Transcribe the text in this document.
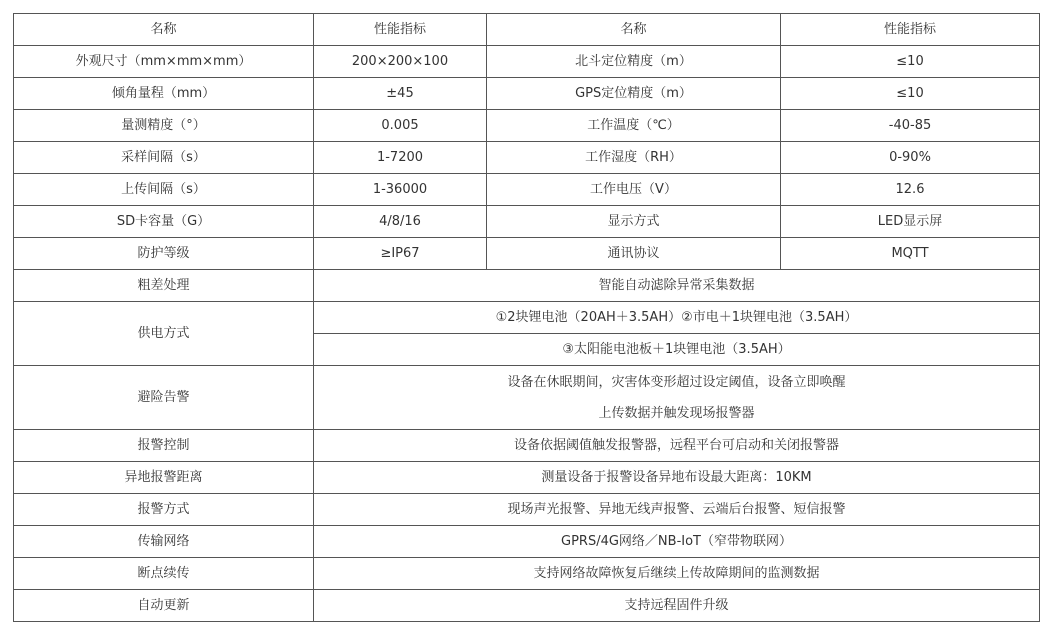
名称	性能指标	名称	性能指标
外观尺寸（mm×mm×mm）	200×200×100	北斗定位精度（m）	≤10
倾角量程（mm）	±45	GPS定位精度（m）	≤10
量测精度（°）	0.005	工作温度（℃）	-40-85
采样间隔（s）	1-7200	工作湿度（RH）	0-90%
上传间隔（s）	1-36000	工作电压（V）	12.6
SD卡容量（G）	4/8/16	显示方式	LED显示屏
防护等级	≥IP67	通讯协议	MQTT
粗差处理	智能自动滤除异常采集数据		
供电方式	①2块锂电池（20AH＋3.5AH）②市电＋1块锂电池（3.5AH）		
	③太阳能电池板＋1块锂电池（3.5AH）		
避险告警	设备在休眠期间，灾害体变形超过设定阈值，设备立即唤醒
上传数据并触发现场报警器		

报警控制	设备依据阈值触发报警器，远程平台可启动和关闭报警器		
异地报警距离	测量设备于报警设备异地布设最大距离：10KM		
报警方式	现场声光报警、异地无线声报警、云端后台报警、短信报警		
传输网络	GPRS/4G网络／NB-IoT（窄带物联网）		
断点续传	支持网络故障恢复后继续上传故障期间的监测数据		
自动更新	支持远程固件升级		
